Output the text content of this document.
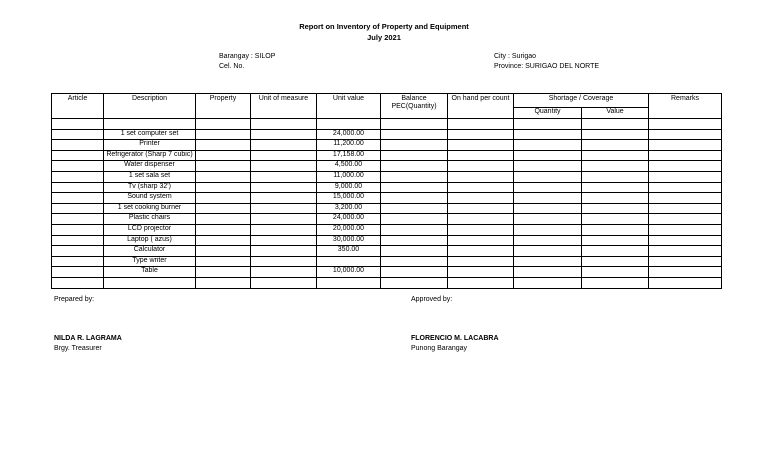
Report on Inventory of Property and Equipment
July 2021
Barangay : SILOP
Cel. No.
City : Surigao
Province: SURIGAO DEL NORTE
Article	Description	Property	Unit of measure	Unit value	Balance PEC(Quantity)	On hand per count	Shortage / Coverage		Remarks
							Quantity	Value	

	1 set computer set			24,000.00					
	Printer			11,200.00					
	Refrigerator (Sharp 7 cubic)			17,158.00					
	Water dispenser			4,500.00					
	1 set sala set			11,000.00					
	Tv (sharp 32')			9,000.00					
	Sound system			15,000.00					
	1 set cooking burner			3,200.00					
	Plastic chairs			24,000.00					
	LCD projector			20,000.00					
	Laptop ( azus)			30,000.00					
	Calculator			350.00					
	Type writer								
	Table			10,000.00					

Prepared by:	Approved by:
NILDA R. LAGRAMA
Brgy. Treasurer
FLORENCIO M. LACABRA
Punong Barangay
